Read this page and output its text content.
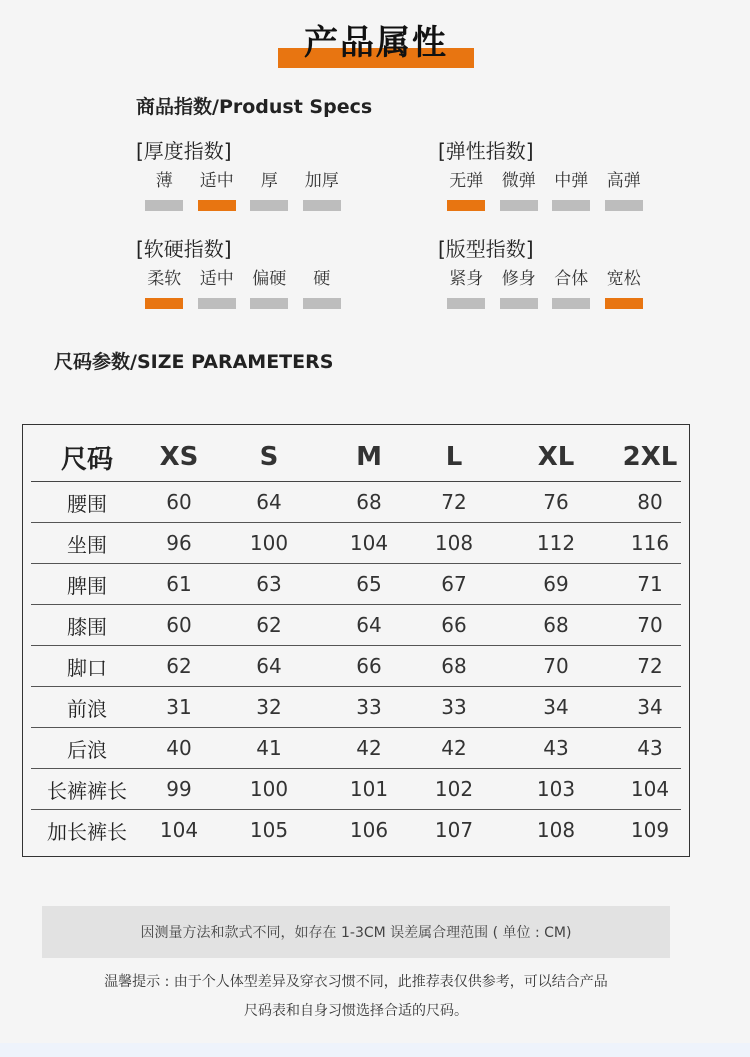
产品属性
商品指数/Produst Specs
[厚度指数]
薄	适中	厚	加厚
[弹性指数]
无弹 微弹 中弹 高弹
[软硬指数]
柔软 适中 偏硬	硬
[版型指数]
紧身 修身 合体 宽松
尺码参数/SIZE PARAMETERS
尺码	XS	S	M	L	XL	2XL
腰围	60	64	68	72	76	80
坐围	96	100	104	108	112	116
脾围	61	63	65	67	69	71
膝围	60	62	64	66	68	70
脚口	62	64	66	68	70	72
前浪	31	32	33	33	34	34
后浪	40	41	42	42	43	43
长裤裤长	99	100	101	102	103	104
加长裤长	104	105	106	107	108	109
因测量方法和款式不同，如存在 1-3CM 误差属合理范围 ( 单位 : CM)
温馨提示 : 由于个人体型差异及穿衣习惯不同，此推荐表仅供参考，可以结合产品
尺码表和自身习惯选择合适的尺码。
